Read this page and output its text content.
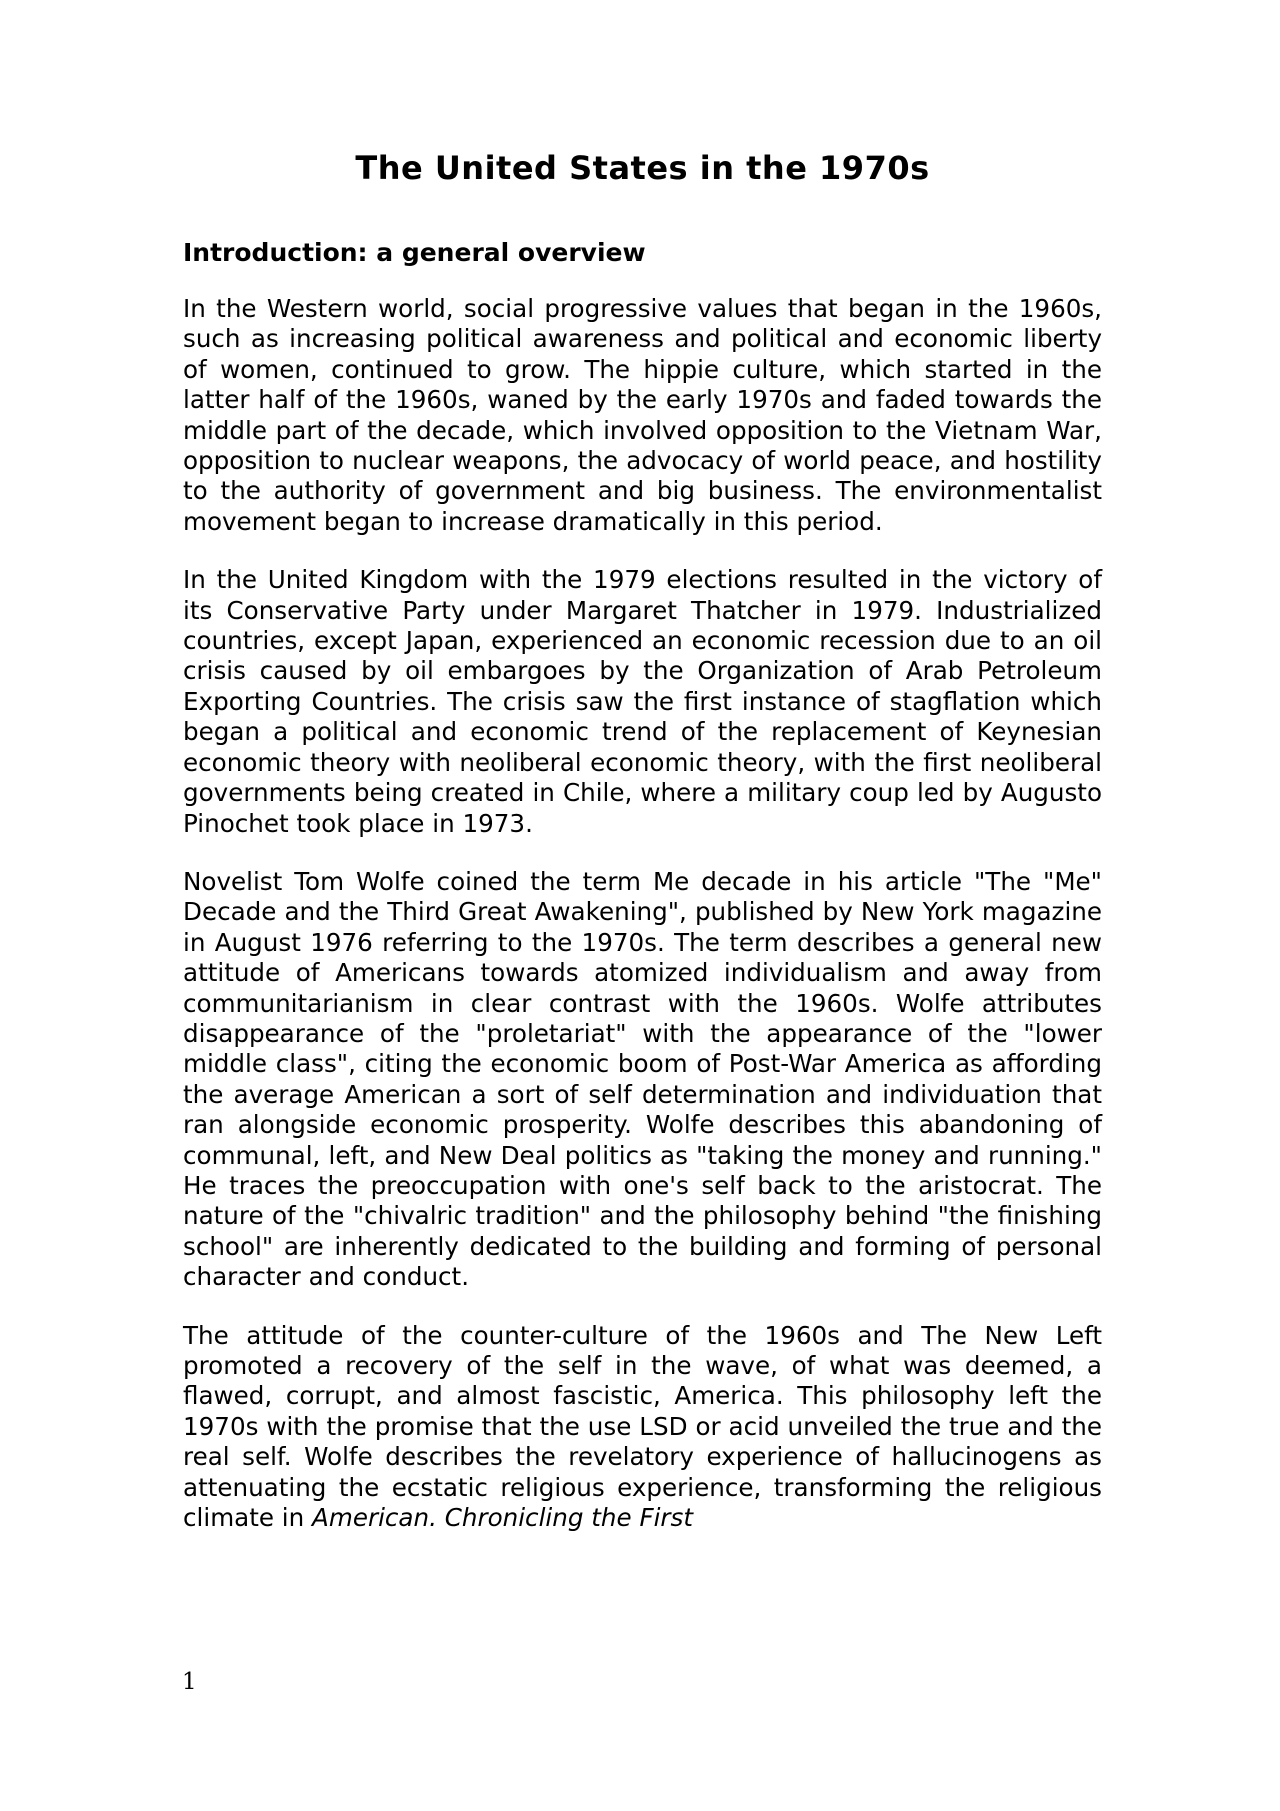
The United States in the 1970s
Introduction: a general overview

In the Western world, social progressive values that began in the 1960s, such as increasing political awareness and political and economic liberty of women, continued to grow. The hippie culture, which started in the latter half of the 1960s, waned by the early 1970s and faded towards the middle part of the decade, which involved opposition to the Vietnam War, opposition to nuclear weapons, the advocacy of world peace, and hostility to the authority of government and big business. The environmentalist movement began to increase dramatically in this period.

In the United Kingdom with the 1979 elections resulted in the victory of its Conservative Party under Margaret Thatcher in 1979. Industrialized countries, except Japan, experienced an economic recession due to an oil crisis caused by oil embargoes by the Organization of Arab Petroleum Exporting Countries. The crisis saw the first instance of stagflation which began a political and economic trend of the replacement of Keynesian economic theory with neoliberal economic theory, with the first neoliberal governments being created in Chile, where a military coup led by Augusto Pinochet took place in 1973.

Novelist Tom Wolfe coined the term Me decade in his article "The "Me" Decade and the Third Great Awakening", published by New York magazine in August 1976 referring to the 1970s. The term describes a general new attitude of Americans towards atomized individualism and away from communitarianism in clear contrast with the 1960s. Wolfe attributes disappearance of the "proletariat" with the appearance of the "lower middle class", citing the economic boom of Post-War America as affording the average American a sort of self determination and individuation that ran alongside economic prosperity. Wolfe describes this abandoning of communal, left, and New Deal politics as "taking the money and running." He traces the preoccupation with one's self back to the aristocrat. The nature of the "chivalric tradition" and the philosophy behind "the finishing school" are inherently dedicated to the building and forming of personal character and conduct.

The attitude of the counter-culture of the 1960s and The New Left promoted a recovery of the self in the wave, of what was deemed, a flawed, corrupt, and almost fascistic, America. This philosophy left the 1970s with the promise that the use LSD or acid unveiled the true and the real self. Wolfe describes the revelatory experience of hallucinogens as attenuating the ecstatic religious experience, transforming the religious climate in American. Chronicling the First

1
